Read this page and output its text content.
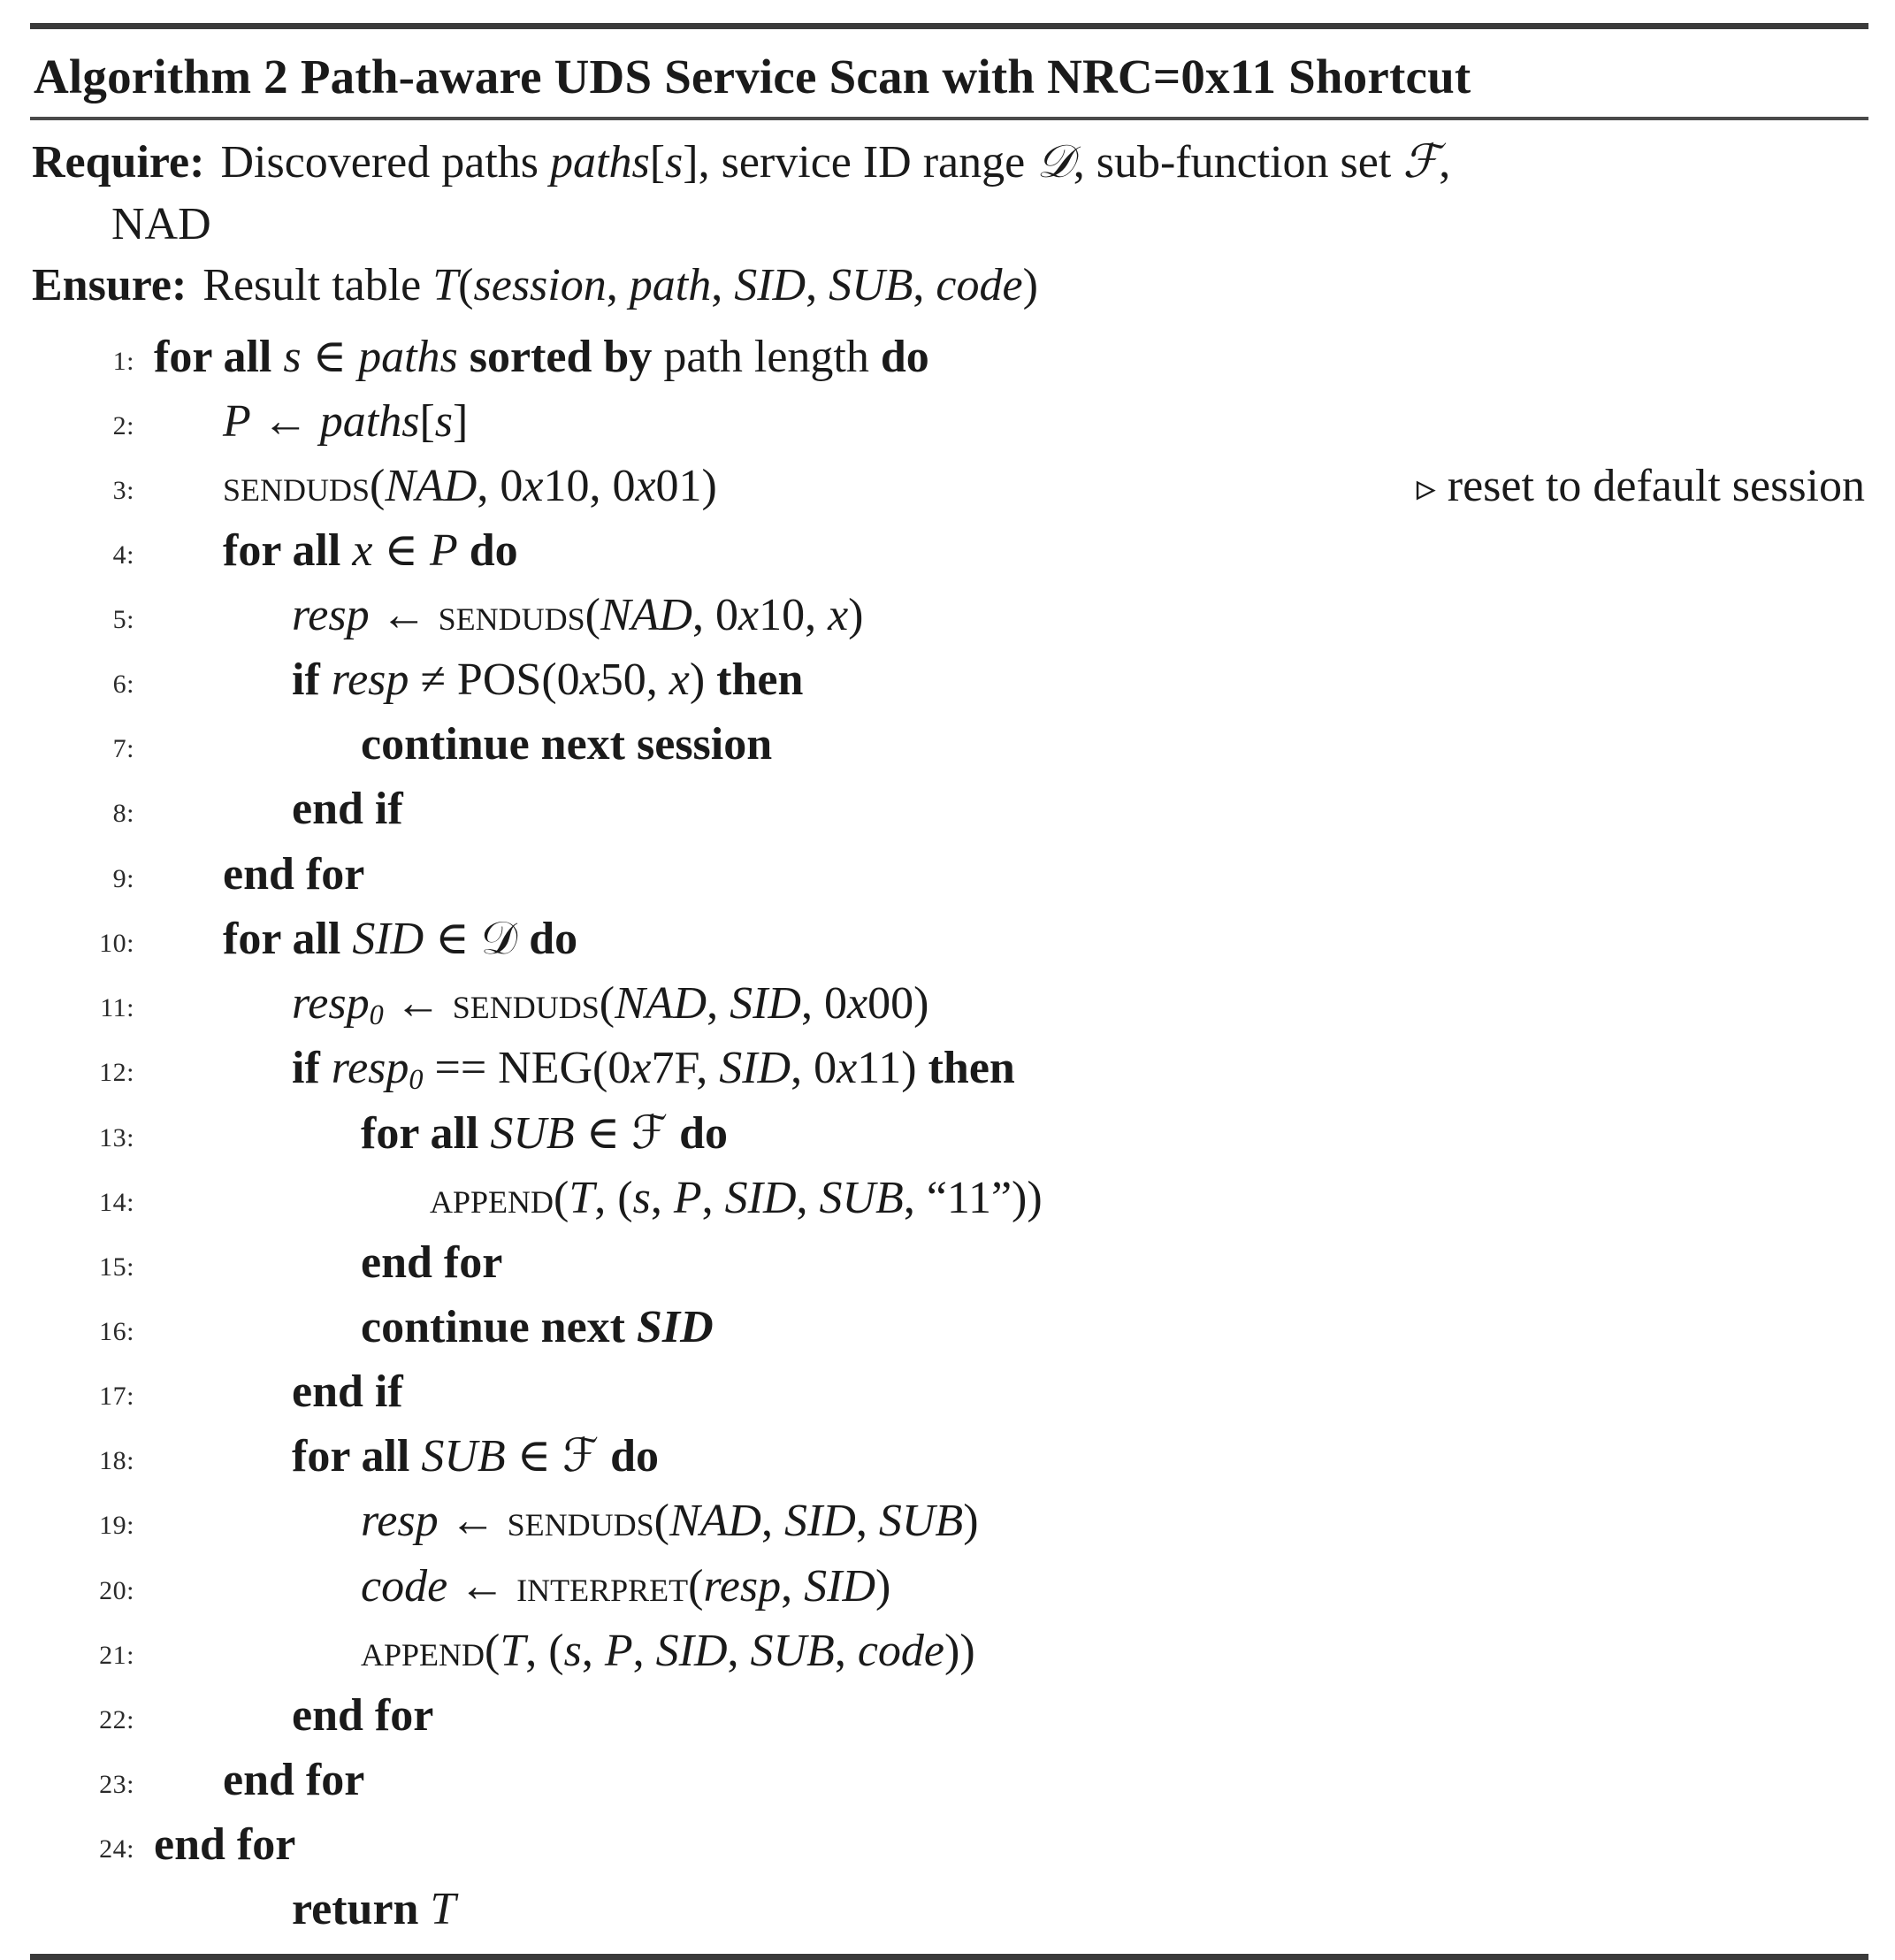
Algorithm 2 Path-aware UDS Service Scan with NRC=0x11 Shortcut
Require: Discovered paths paths[s], service ID range 𝒟, sub-function set ℱ,
NAD
Ensure: Result table T(session, path, SID, SUB, code)
1: for all s ∈ paths sorted by path length do
2:	P ← paths[s]
3:	senduds(NAD, 0x10, 0x01)	▹ reset to default session
4:	for all x ∈ P do
5:	resp ← senduds(NAD, 0x10, x)
6:	if resp ≠ POS(0x50, x) then
7:	continue next session
8:	end if
9:	end for
10:	for all SID ∈ 𝒟 do
11:	resp$_0$ ← senduds(NAD, SID, 0x00)
12:	if resp$_0$ == NEG(0x7F, SID, 0x11) then
13:	for all SUB ∈ ℱ do
14:	append(T, (s, P, SID, SUB, “11”))
15:	end for
16:	continue next SID
17:	end if
18:	for all SUB ∈ ℱ do
19:	resp ← senduds(NAD, SID, SUB)
20:	code ← interpret(resp, SID)
21:	append(T, (s, P, SID, SUB, code))
22:	end for
23:	end for
24: end for
return T
